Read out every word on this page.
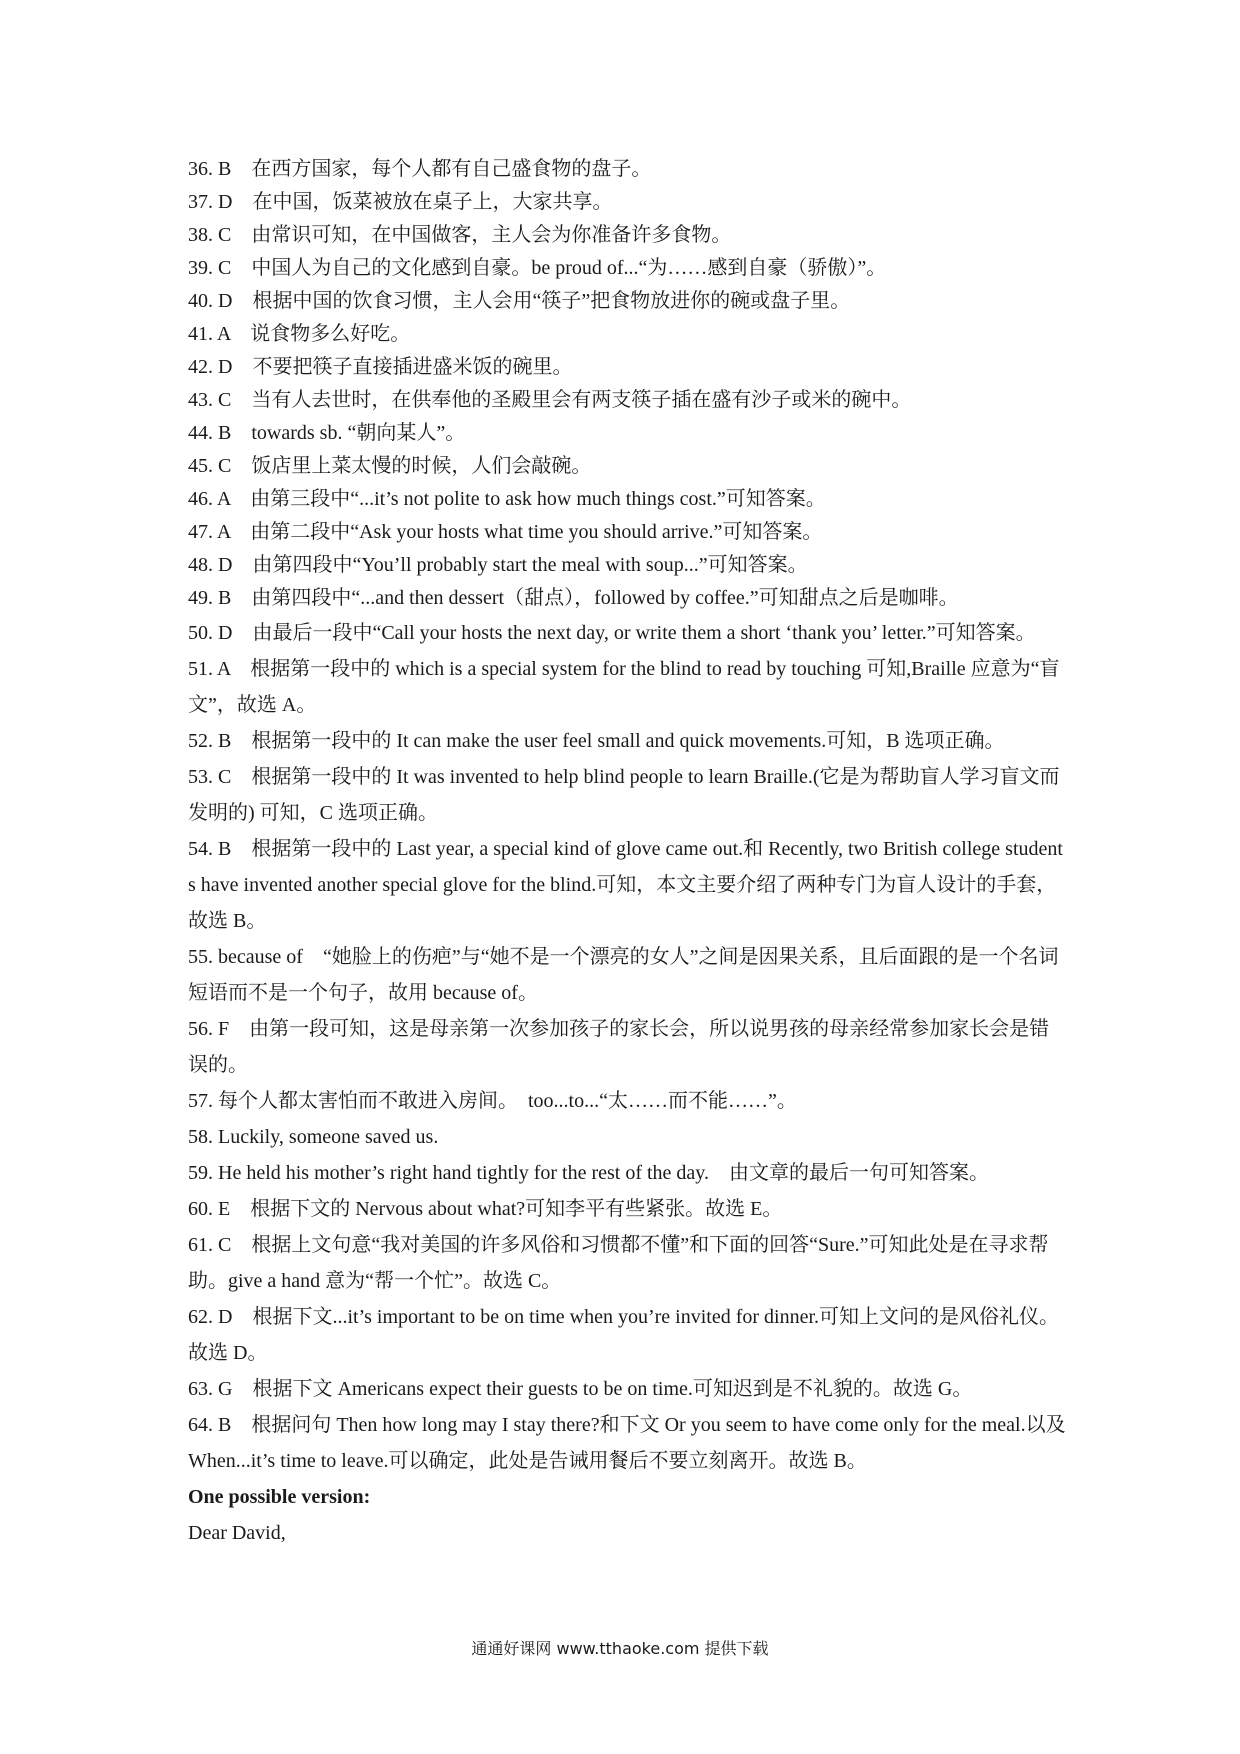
36. B　在西方国家，每个人都有自己盛食物的盘子。
37. D　在中国，饭菜被放在桌子上，大家共享。
38. C　由常识可知，在中国做客，主人会为你准备许多食物。
39. C　中国人为自己的文化感到自豪。be proud of...“为……感到自豪（骄傲）”。
40. D　根据中国的饮食习惯，主人会用“筷子”把食物放进你的碗或盘子里。
41. A　说食物多么好吃。
42. D　不要把筷子直接插进盛米饭的碗里。
43. C　当有人去世时，在供奉他的圣殿里会有两支筷子插在盛有沙子或米的碗中。
44. B　towards sb. “朝向某人”。
45. C　饭店里上菜太慢的时候，人们会敲碗。
46. A　由第三段中“...it’s not polite to ask how much things cost.”可知答案。
47. A　由第二段中“Ask your hosts what time you should arrive.”可知答案。
48. D　由第四段中“You’ll probably start the meal with soup...”可知答案。
49. B　由第四段中“...and then dessert（甜点），followed by coffee.”可知甜点之后是咖啡。
50. D　由最后一段中“Call your hosts the next day, or write them a short ‘thank you’ letter.”可知答案。
51. A　根据第一段中的 which is a special system for the blind to read by touching 可知,Braille 应意为“盲文”，故选 A。
52. B　根据第一段中的 It can make the user feel small and quick movements.可知，B 选项正确。
53. C　根据第一段中的 It was invented to help blind people to learn Braille.(它是为帮助盲人学习盲文而发明的) 可知，C 选项正确。
54. B　根据第一段中的 Last year, a special kind of glove came out.和 Recently, two British college students have invented another special glove for the blind.可知，本文主要介绍了两种专门为盲人设计的手套，故选 B。
55. because of　“她脸上的伤疤”与“她不是一个漂亮的女人”之间是因果关系，且后面跟的是一个名词短语而不是一个句子，故用 because of。
56. F　由第一段可知，这是母亲第一次参加孩子的家长会，所以说男孩的母亲经常参加家长会是错误的。
57. 每个人都太害怕而不敢进入房间。　too...to...“太……而不能……”。
58. Luckily, someone saved us.
59. He held his mother’s right hand tightly for the rest of the day.　由文章的最后一句可知答案。
60. E　根据下文的 Nervous about what?可知李平有些紧张。故选 E。
61. C　根据上文句意“我对美国的许多风俗和习惯都不懂”和下面的回答“Sure.”可知此处是在寻求帮助。give a hand 意为“帮一个忙”。故选 C。
62. D　根据下文...it’s important to be on time when you’re invited for dinner.可知上文问的是风俗礼仪。故选 D。
63. G　根据下文 Americans expect their guests to be on time.可知迟到是不礼貌的。故选 G。
64. B　根据问句 Then how long may I stay there?和下文 Or you seem to have come only for the meal.以及 When...it’s time to leave.可以确定，此处是告诫用餐后不要立刻离开。故选 B。
One possible version:
Dear David,
通通好课网 www.tthaoke.com 提供下载
